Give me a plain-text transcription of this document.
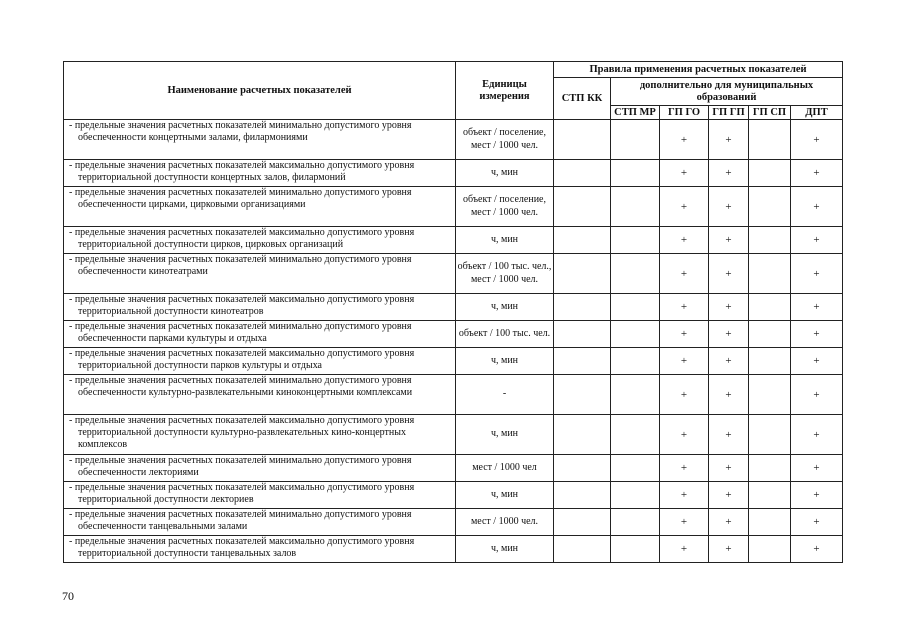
Наименование расчетных показателей	Единицы измерения	Правила применения расчетных показателей					
		СТП КК	дополнительно для муниципальных образований				
			СТП МР	ГП ГО	ГП ГП	ГП СП	ДПТ

- предельные значения расчетных показателей минимально допустимого уровня обеспеченности концертными залами, филармониями	объект / поселение, мест / 1000 чел.			+	+		+

- предельные значения расчетных показателей максимально допустимого уровня территориальной доступности концертных залов, филармоний	ч, мин			+	+		+

- предельные значения расчетных показателей минимально допустимого уровня обеспеченности цирками, цирковыми организациями	объект / поселение, мест / 1000 чел.			+	+		+

- предельные значения расчетных показателей максимально допустимого уровня территориальной доступности цирков, цирковых организаций	ч, мин			+	+		+

- предельные значения расчетных показателей минимально допустимого уровня обеспеченности кинотеатрами	объект / 100 тыс. чел., мест / 1000 чел.			+	+		+

- предельные значения расчетных показателей максимально допустимого уровня территориальной доступности кинотеатров	ч, мин			+	+		+

- предельные значения расчетных показателей минимально допустимого уровня обеспеченности парками культуры и отдыха	объект / 100 тыс. чел.			+	+		+

- предельные значения расчетных показателей максимально допустимого уровня территориальной доступности парков культуры и отдыха	ч, мин			+	+		+

- предельные значения расчетных показателей минимально допустимого уровня обеспеченности культурно-развлекательными киноконцертными комплексами	-			+	+		+

- предельные значения расчетных показателей максимально допустимого уровня территориальной доступности культурно-развлекательных кино-концертных комплексов	ч, мин			+	+		+

- предельные значения расчетных показателей минимально допустимого уровня обеспеченности лекториями	мест / 1000 чел			+	+		+

- предельные значения расчетных показателей максимально допустимого уровня территориальной доступности лекториев	ч, мин			+	+		+

- предельные значения расчетных показателей минимально допустимого уровня обеспеченности танцевальными залами	мест / 1000 чел.			+	+		+

- предельные значения расчетных показателей максимально допустимого уровня территориальной доступности танцевальных залов	ч, мин			+	+		+
70
